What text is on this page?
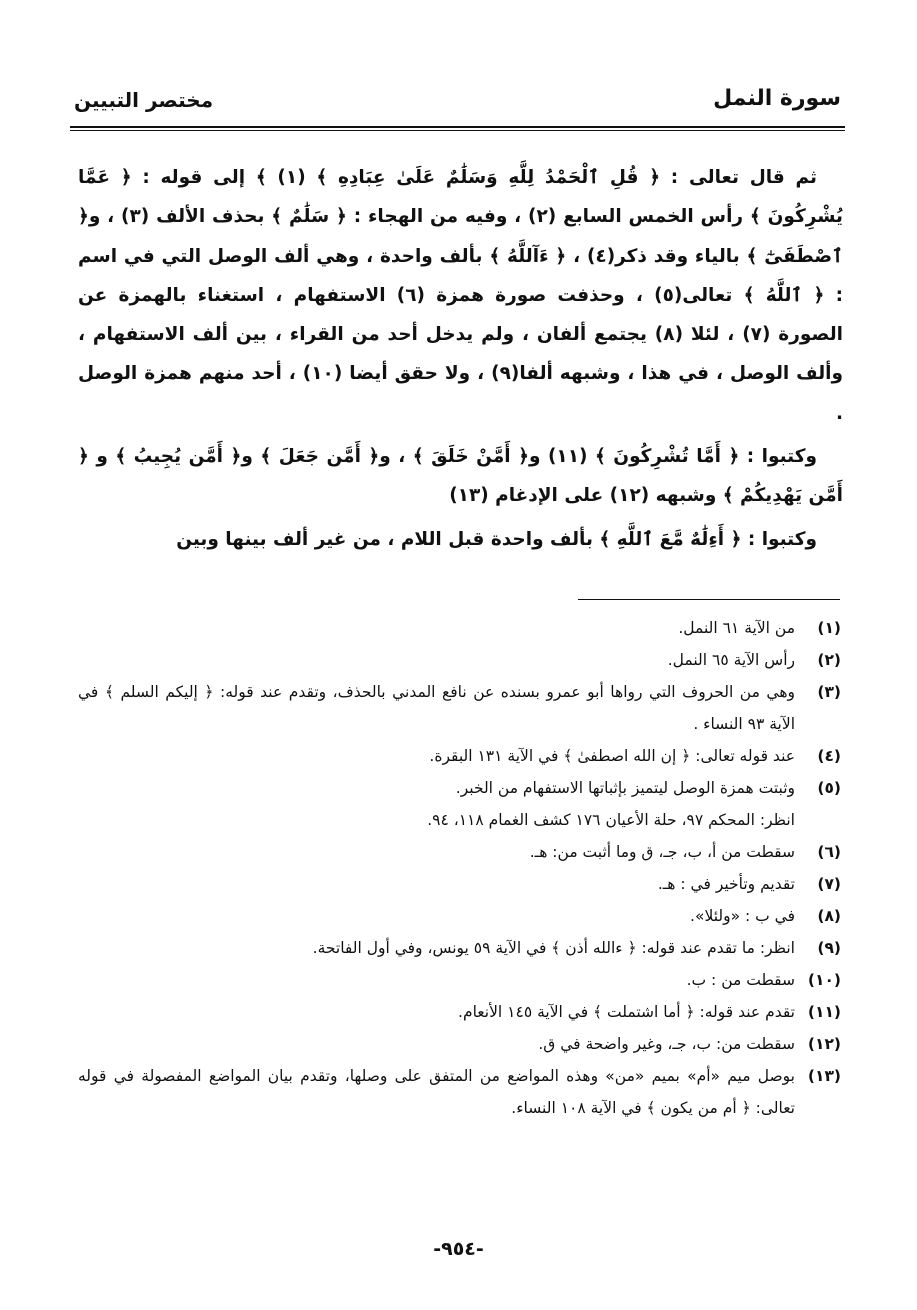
سورة النمل
مختصر التبيين

ثم قال تعالى : ﴿ قُلِ ٱلْحَمْدُ لِلَّهِ وَسَلَٰمٌ عَلَىٰ عِبَادِهِ ﴾ (١) ﴾ إلى قوله : ﴿ عَمَّا يُشْرِكُونَ ﴾ رأس الخمس السابع (٢) ، وفيه من الهجاء : ﴿ سَلَٰمٌ ﴾ بحذف الألف (٣) ، و﴿ ٱصْطَفَىٰٓ ﴾ بالياء وقد ذكر(٤) ، ﴿ ءَآللَّهُ ﴾ بألف واحدة ، وهي ألف الوصل التي في اسم : ﴿ ٱللَّهُ ﴾ تعالى(٥) ، وحذفت صورة همزة (٦) الاستفهام ، استغناء بالهمزة عن الصورة (٧) ، لئلا (٨) يجتمع ألفان ، ولم يدخل أحد من القراء ، بين ألف الاستفهام ، وألف الوصل ، في هذا ، وشبهه ألفا(٩) ، ولا حقق أيضا (١٠) ، أحد منهم همزة الوصل .

وكتبوا : ﴿ أَمَّا تُشْرِكُونَ ﴾ (١١) و﴿ أَمَّنْ خَلَقَ ﴾ ، و﴿ أَمَّن جَعَلَ ﴾ و﴿ أَمَّن يُجِيبُ ﴾ و ﴿ أَمَّن يَهْدِيكُمْ ﴾ وشبهه (١٢) على الإدغام (١٣)

وكتبوا : ﴿ أَءِلَٰهٌ مَّعَ ٱللَّهِ ﴾ بألف واحدة قبل اللام ، من غير ألف بينها وبين

(١)
من الآية ٦١ النمل.
(٢)
رأس الآية ٦٥ النمل.
(٣)
وهي من الحروف التي رواها أبو عمرو بسنده عن نافع المدني بالحذف، وتقدم عند قوله: ﴿ إليكم السلم ﴾ في الآية ٩٣ النساء .
(٤)
عند قوله تعالى: ﴿ إن الله اصطفىٰ ﴾ في الآية ١٣١ البقرة.
(٥)
وثبتت همزة الوصل ليتميز بإثباتها الاستفهام من الخبر.
انظر: المحكم ٩٧، حلة الأعيان ١٧٦ كشف الغمام ١١٨، ٩٤.
(٦)
سقطت من أ، ب، جـ، ق وما أثبت من: هـ.
(٧)
تقديم وتأخير في : هـ.
(٨)
في ب : «ولئلا».
(٩)
انظر: ما تقدم عند قوله: ﴿ ءالله أذن ﴾ في الآية ٥٩ يونس، وفي أول الفاتحة.
(١٠)
سقطت من : ب.
(١١)
تقدم عند قوله: ﴿ أما اشتملت ﴾ في الآية ١٤٥ الأنعام.
(١٢)
سقطت من: ب، جـ، وغير واضحة في ق.
(١٣)
بوصل ميم «أم» بميم «من» وهذه المواضع من المتفق على وصلها، وتقدم بيان المواضع المفصولة في قوله تعالى: ﴿ أم من يكون ﴾ في الآية ١٠٨ النساء.
-٩٥٤-
